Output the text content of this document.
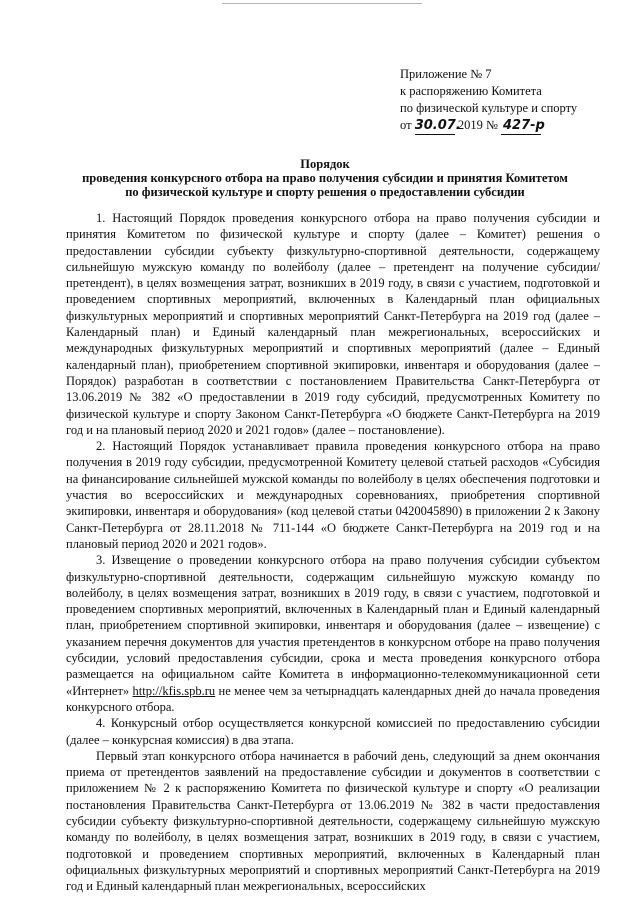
Приложение № 7
к распоряжению Комитета
по физической культуре и спорту
от 30.07. 2019 № 427-р
Порядок
проведения конкурсного отбора на право получения субсидии и принятия Комитетом
по физической культуре и спорту решения о предоставлении субсидии

1. Настоящий Порядок проведения конкурсного отбора на право получения субсидии и принятия Комитетом по физической культуре и спорту (далее – Комитет) решения о предоставлении субсидии субъекту физкультурно-спортивной деятельности, содержащему сильнейшую мужскую команду по волейболу (далее – претендент на получение субсидии/претендент), в целях возмещения затрат, возникших в 2019 году, в связи с участием, подготовкой и проведением спортивных мероприятий, включенных в Календарный план официальных физкультурных мероприятий и спортивных мероприятий Санкт-Петербурга на 2019 год (далее – Календарный план) и Единый календарный план межрегиональных, всероссийских и международных физкультурных мероприятий и спортивных мероприятий (далее – Единый календарный план), приобретением спортивной экипировки, инвентаря и оборудования (далее – Порядок) разработан в соответствии с постановлением Правительства Санкт-Петербурга от 13.06.2019 № 382 «О предоставлении в 2019 году субсидий, предусмотренных Комитету по физической культуре и спорту Законом Санкт-Петербурга «О бюджете Санкт-Петербурга на 2019 год и на плановый период 2020 и 2021 годов» (далее – постановление).

2. Настоящий Порядок устанавливает правила проведения конкурсного отбора на право получения в 2019 году субсидии, предусмотренной Комитету целевой статьей расходов «Субсидия на финансирование сильнейшей мужской команды по волейболу в целях обеспечения подготовки и участия во всероссийских и международных соревнованиях, приобретения спортивной экипировки, инвентаря и оборудования» (код целевой статьи 0420045890) в приложении 2 к Закону Санкт-Петербурга от 28.11.2018 № 711-144 «О бюджете Санкт-Петербурга на 2019 год и на плановый период 2020 и 2021 годов».

3. Извещение о проведении конкурсного отбора на право получения субсидии субъектом физкультурно-спортивной деятельности, содержащим сильнейшую мужскую команду по волейболу, в целях возмещения затрат, возникших в 2019 году, в связи с участием, подготовкой и проведением спортивных мероприятий, включенных в Календарный план и Единый календарный план, приобретением спортивной экипировки, инвентаря и оборудования (далее – извещение) с указанием перечня документов для участия претендентов в конкурсном отборе на право получения субсидии, условий предоставления субсидии, срока и места проведения конкурсного отбора размещается на официальном сайте Комитета в информационно-телекоммуникационной сети «Интернет» http://kfis.spb.ru не менее чем за четырнадцать календарных дней до начала проведения конкурсного отбора.

4. Конкурсный отбор осуществляется конкурсной комиссией по предоставлению субсидии (далее – конкурсная комиссия) в два этапа.

Первый этап конкурсного отбора начинается в рабочий день, следующий за днем окончания приема от претендентов заявлений на предоставление субсидии и документов в соответствии с приложением № 2 к распоряжению Комитета по физической культуре и спорту «О реализации постановления Правительства Санкт-Петербурга от 13.06.2019 № 382 в части предоставления субсидии субъекту физкультурно-спортивной деятельности, содержащему сильнейшую мужскую команду по волейболу, в целях возмещения затрат, возникших в 2019 году, в связи с участием, подготовкой и проведением спортивных мероприятий, включенных в Календарный план официальных физкультурных мероприятий и спортивных мероприятий Санкт-Петербурга на 2019 год и Единый календарный план межрегиональных, всероссийских
